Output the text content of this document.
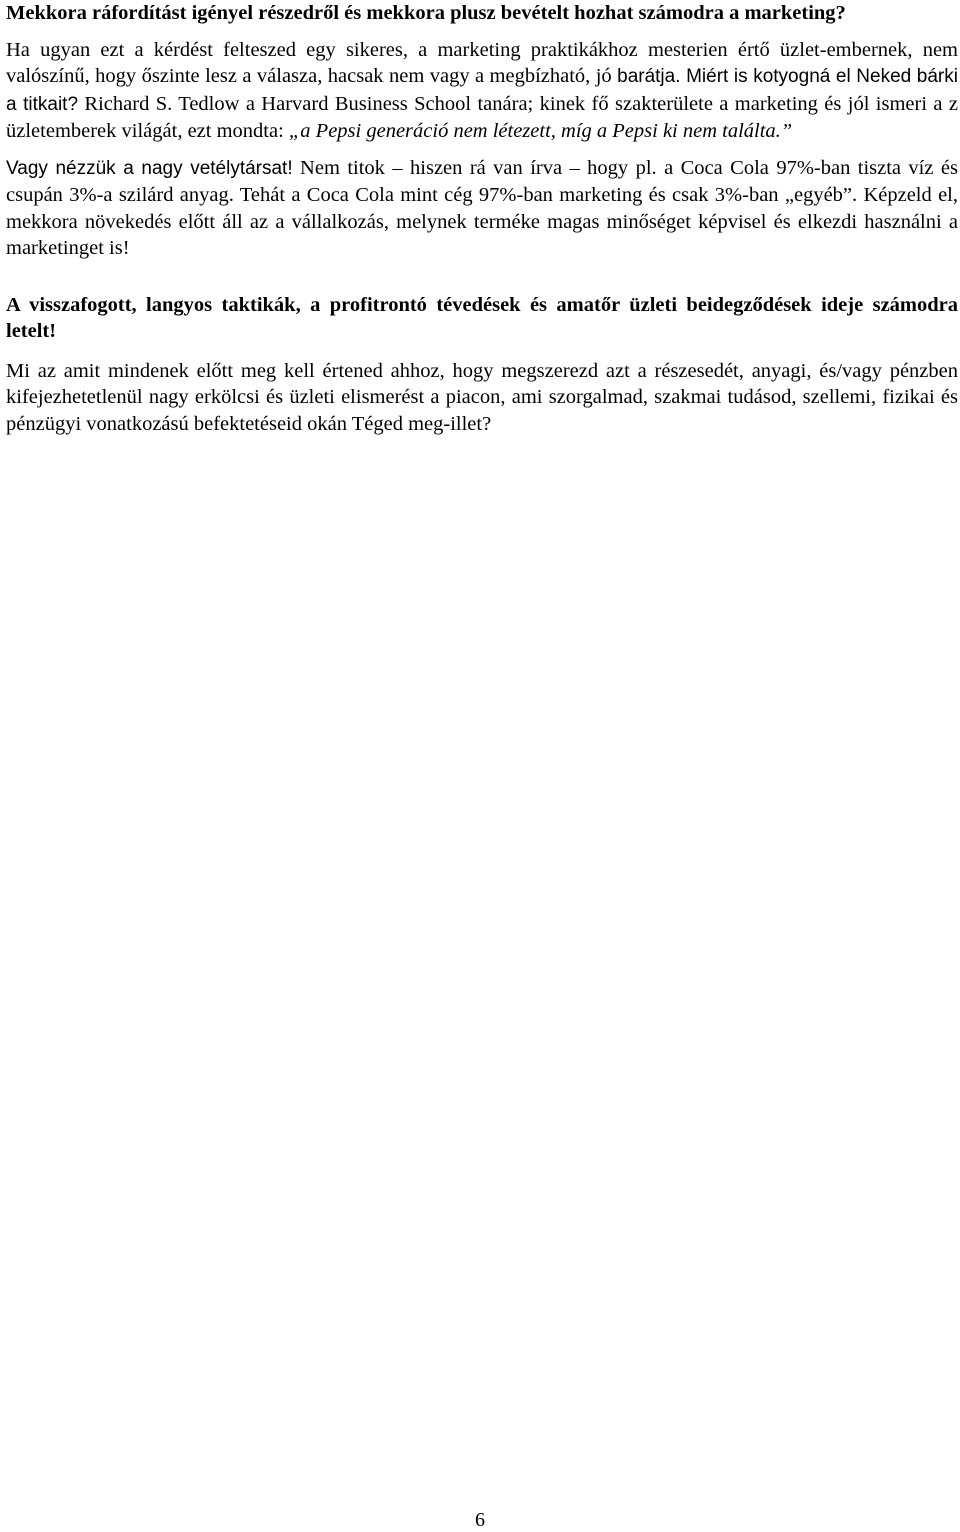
Mekkora ráfordítást igényel részedről és mekkora plusz bevételt hozhat számodra a marketing?

Ha ugyan ezt a kérdést felteszed egy sikeres, a marketing praktikákhoz mesterien értő üzlet-embernek, nem valószínű, hogy őszinte lesz a válasza, hacsak nem vagy a megbízható, jó barátja. Miért is kotyogná el Neked bárki a titkait? Richard S. Tedlow a Harvard Business School tanára; kinek fő szakterülete a marketing és jól ismeri a z üzletemberek világát, ezt mondta: „a Pepsi generáció nem létezett, míg a Pepsi ki nem találta.”

Vagy nézzük a nagy vetélytársat! Nem titok – hiszen rá van írva – hogy pl. a Coca Cola 97%-ban tiszta víz és csupán 3%-a szilárd anyag. Tehát a Coca Cola mint cég 97%-ban marketing és csak 3%-ban „egyéb”. Képzeld el, mekkora növekedés előtt áll az a vállalkozás, melynek terméke magas minőséget képvisel és elkezdi használni a marketinget is!

A visszafogott, langyos taktikák, a profitrontó tévedések és amatőr üzleti beidegződések ideje számodra letelt!

Mi az amit mindenek előtt meg kell értened ahhoz, hogy megszerezd azt a részesedét, anyagi, és/vagy pénzben kifejezhetetlenül nagy erkölcsi és üzleti elismerést a piacon, ami szorgalmad, szakmai tudásod, szellemi, fizikai és pénzügyi vonatkozású befektetéseid okán Téged meg-illet?

6
